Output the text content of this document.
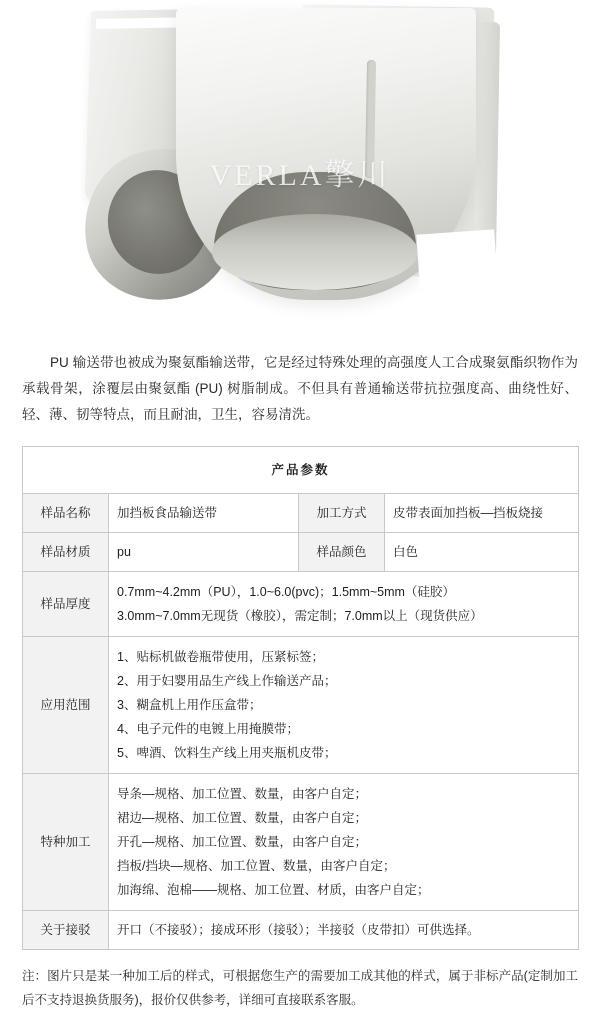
VERLA擎川

PU 输送带也被成为聚氨酯输送带，它是经过特殊处理的高强度人工合成聚氨酯织物作为承载骨架，涂覆层由聚氨酯 (PU) 树脂制成。不但具有普通输送带抗拉强度高、曲绕性好、轻、薄、韧等特点，而且耐油，卫生，容易清洗。

产品参数			
样品名称	加挡板食品输送带	加工方式	皮带表面加挡板—挡板烧接
样品材质	pu	样品颜色	白色
样品厚度	0.7mm~4.2mm（PU），1.0~6.0(pvc)；1.5mm~5mm（硅胶）

3.0mm~7.0mm无现货（橡胶），需定制；7.0mm以上（现货供应）		

应用范围	1、贴标机做卷瓶带使用，压紧标签；

2、用于妇婴用品生产线上作输送产品；

3、糊盒机上用作压盒带；

4、电子元件的电镀上用掩膜带；

5、啤酒、饮料生产线上用夹瓶机皮带；		

特种加工	导条—规格、加工位置、数量，由客户自定；

裙边—规格、加工位置、数量，由客户自定；

开孔—规格、加工位置、数量，由客户自定；

挡板/挡块—规格、加工位置、数量，由客户自定；

加海绵、泡棉——规格、加工位置、材质，由客户自定；		

关于接驳	开口（不接驳）；接成环形（接驳）；半接驳（皮带扣）可供选择。		

注：图片只是某一种加工后的样式，可根据您生产的需要加工成其他的样式，属于非标产品(定制加工后不支持退换货服务)，报价仅供参考，详细可直接联系客服。
